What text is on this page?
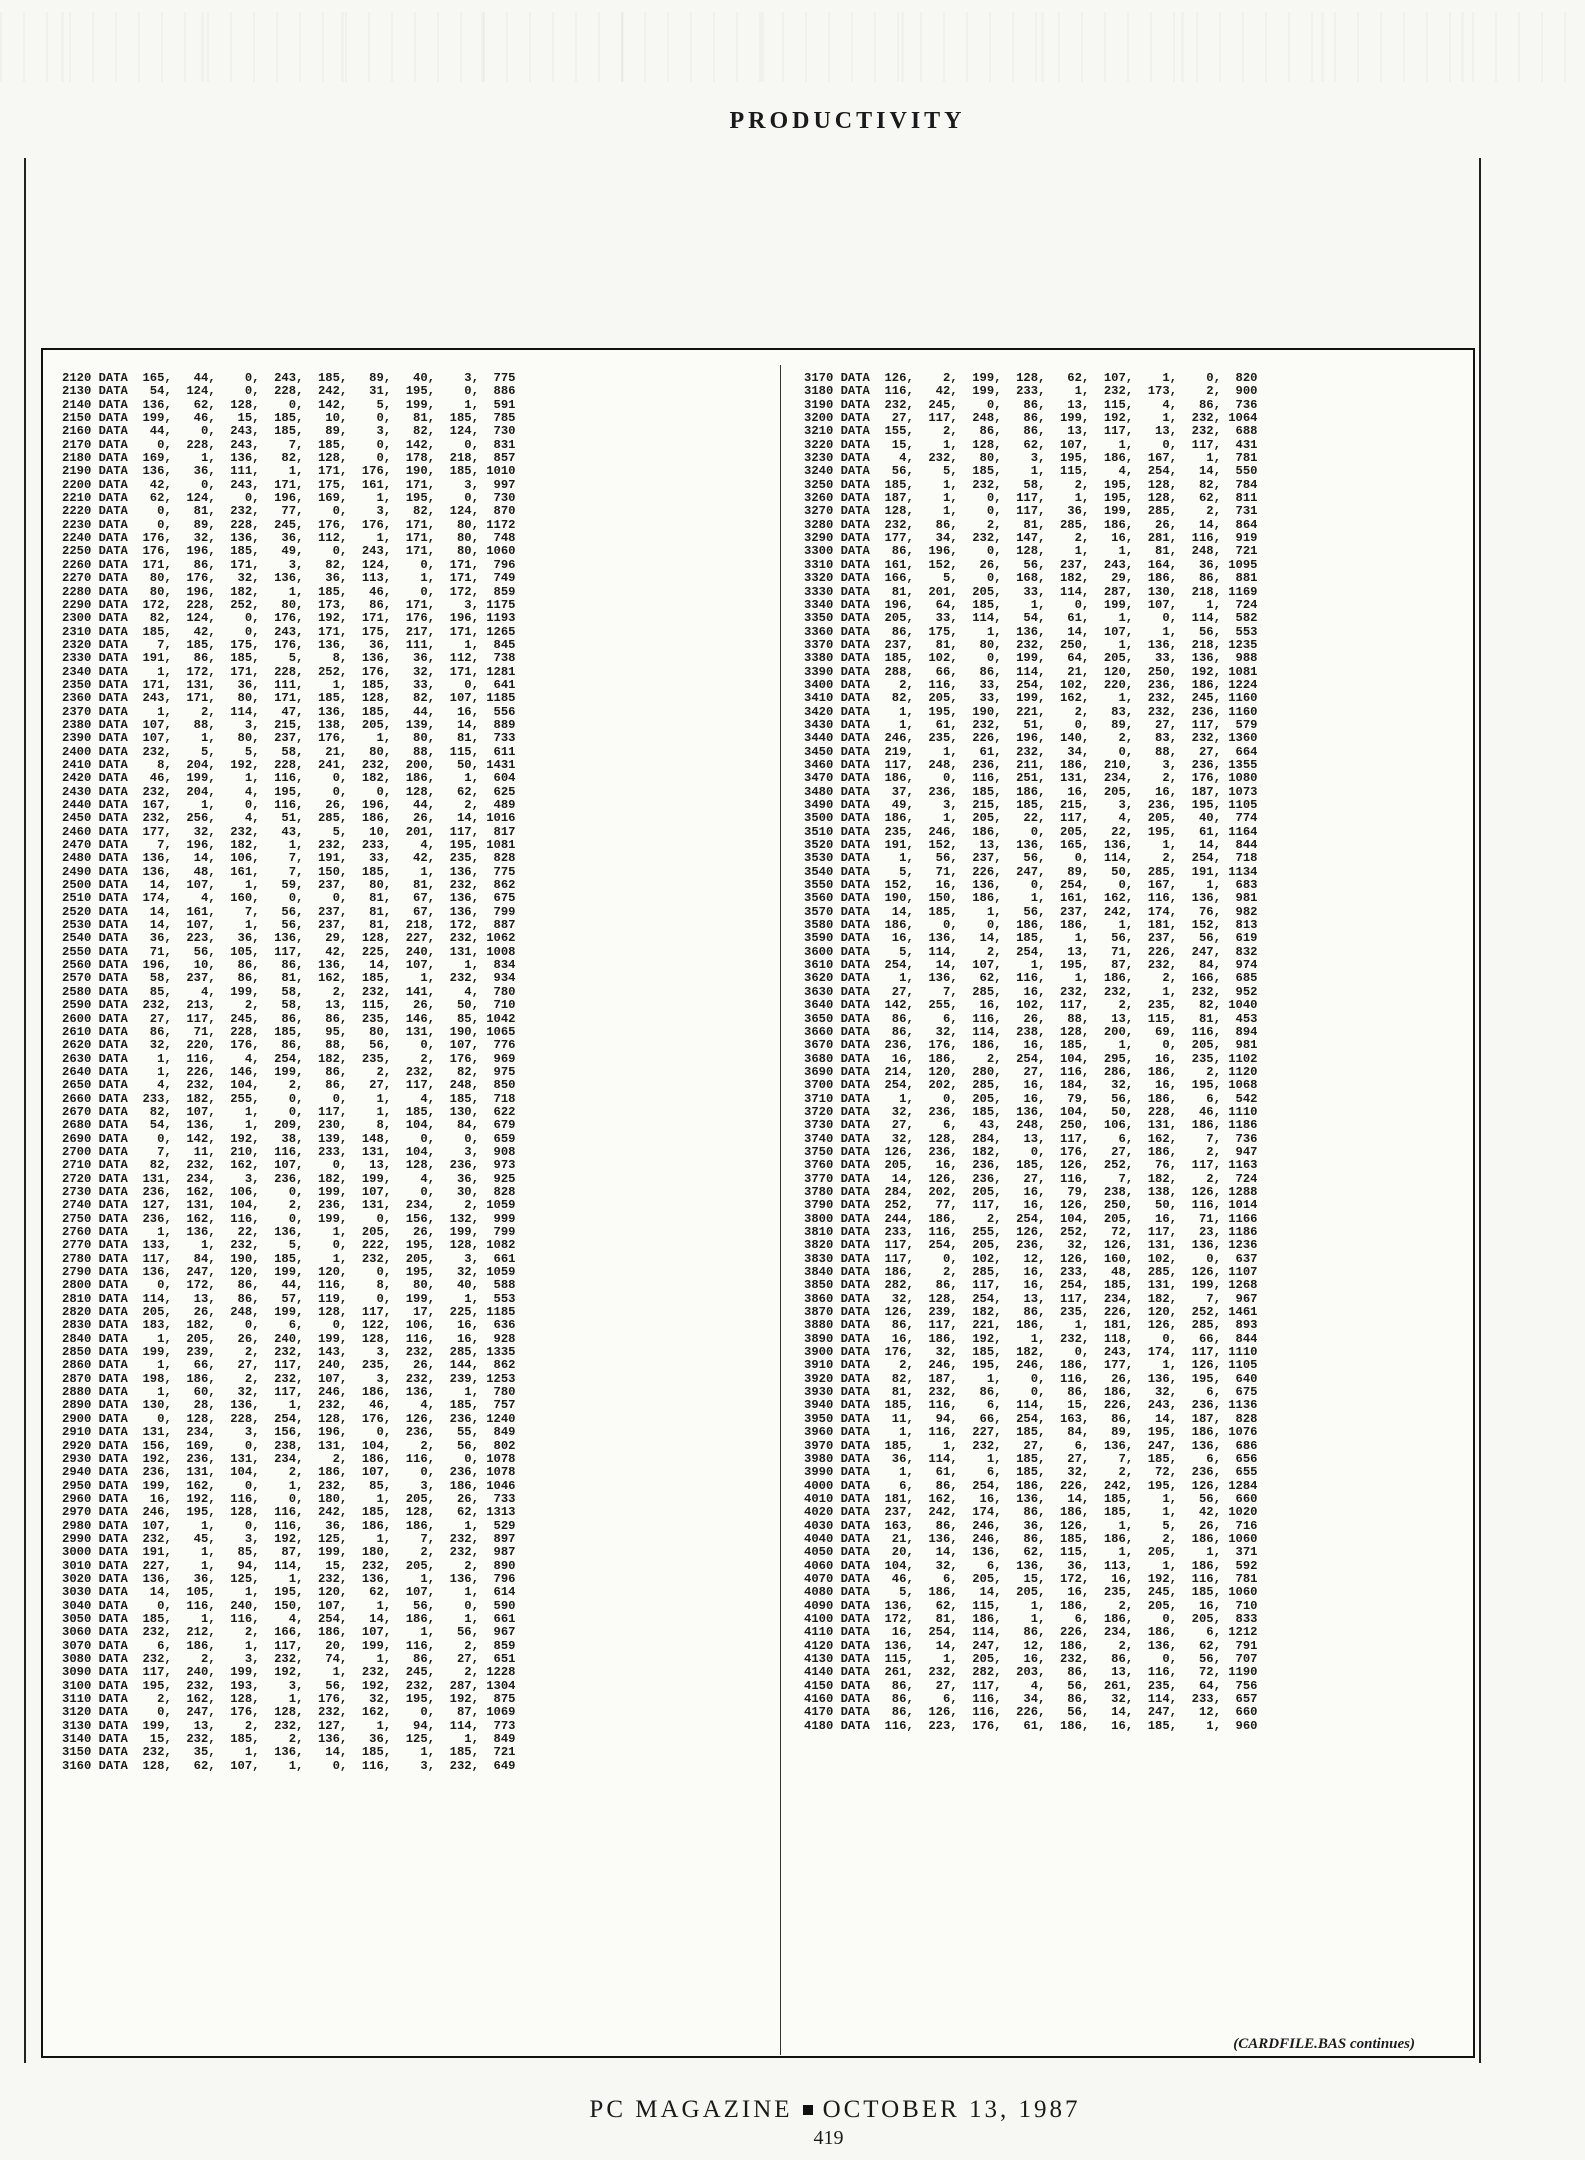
PRODUCTIVITY
2120 DATA  165,   44,    0,  243,  185,   89,   40,    3,  775
2130 DATA   54,  124,    0,  228,  242,   31,  195,    0,  886
2140 DATA  136,   62,  128,    0,  142,    5,  199,    1,  591
2150 DATA  199,   46,   15,  185,   10,    0,   81,  185,  785
2160 DATA   44,    0,  243,  185,   89,    3,   82,  124,  730
2170 DATA    0,  228,  243,    7,  185,    0,  142,    0,  831
2180 DATA  169,    1,  136,   82,  128,    0,  178,  218,  857
2190 DATA  136,   36,  111,    1,  171,  176,  190,  185, 1010
2200 DATA   42,    0,  243,  171,  175,  161,  171,    3,  997
2210 DATA   62,  124,    0,  196,  169,    1,  195,    0,  730
2220 DATA    0,   81,  232,   77,    0,    3,   82,  124,  870
2230 DATA    0,   89,  228,  245,  176,  176,  171,   80, 1172
2240 DATA  176,   32,  136,   36,  112,    1,  171,   80,  748
2250 DATA  176,  196,  185,   49,    0,  243,  171,   80, 1060
2260 DATA  171,   86,  171,    3,   82,  124,    0,  171,  796
2270 DATA   80,  176,   32,  136,   36,  113,    1,  171,  749
2280 DATA   80,  196,  182,    1,  185,   46,    0,  172,  859
2290 DATA  172,  228,  252,   80,  173,   86,  171,    3, 1175
2300 DATA   82,  124,    0,  176,  192,  171,  176,  196, 1193
2310 DATA  185,   42,    0,  243,  171,  175,  217,  171, 1265
2320 DATA    7,  185,  175,  176,  136,   36,  111,    1,  845
2330 DATA  191,   86,  185,    5,    8,  136,   36,  112,  738
2340 DATA    1,  172,  171,  228,  252,  176,   32,  171, 1281
2350 DATA  171,  131,   36,  111,    1,  185,   33,    0,  641
2360 DATA  243,  171,   80,  171,  185,  128,   82,  107, 1185
2370 DATA    1,    2,  114,   47,  136,  185,   44,   16,  556
2380 DATA  107,   88,    3,  215,  138,  205,  139,   14,  889
2390 DATA  107,    1,   80,  237,  176,    1,   80,   81,  733
2400 DATA  232,    5,    5,   58,   21,   80,   88,  115,  611
2410 DATA    8,  204,  192,  228,  241,  232,  200,   50, 1431
2420 DATA   46,  199,    1,  116,    0,  182,  186,    1,  604
2430 DATA  232,  204,    4,  195,    0,    0,  128,   62,  625
2440 DATA  167,    1,    0,  116,   26,  196,   44,    2,  489
2450 DATA  232,  256,    4,   51,  285,  186,   26,   14, 1016
2460 DATA  177,   32,  232,   43,    5,   10,  201,  117,  817
2470 DATA    7,  196,  182,    1,  232,  233,    4,  195, 1081
2480 DATA  136,   14,  106,    7,  191,   33,   42,  235,  828
2490 DATA  136,   48,  161,    7,  150,  185,    1,  136,  775
2500 DATA   14,  107,    1,   59,  237,   80,   81,  232,  862
2510 DATA  174,    4,  160,    0,    0,   81,   67,  136,  675
2520 DATA   14,  161,    7,   56,  237,   81,   67,  136,  799
2530 DATA   14,  107,    1,   56,  237,   81,  218,  172,  887
2540 DATA   36,  223,   36,  136,   29,  128,  227,  232, 1062
2550 DATA   71,   56,  105,  117,   42,  225,  240,  131, 1008
2560 DATA  196,   10,   86,   86,  136,   14,  107,    1,  834
2570 DATA   58,  237,   86,   81,  162,  185,    1,  232,  934
2580 DATA   85,    4,  199,   58,    2,  232,  141,    4,  780
2590 DATA  232,  213,    2,   58,   13,  115,   26,   50,  710
2600 DATA   27,  117,  245,   86,   86,  235,  146,   85, 1042
2610 DATA   86,   71,  228,  185,   95,   80,  131,  190, 1065
2620 DATA   32,  220,  176,   86,   88,   56,    0,  107,  776
2630 DATA    1,  116,    4,  254,  182,  235,    2,  176,  969
2640 DATA    1,  226,  146,  199,   86,    2,  232,   82,  975
2650 DATA    4,  232,  104,    2,   86,   27,  117,  248,  850
2660 DATA  233,  182,  255,    0,    0,    1,    4,  185,  718
2670 DATA   82,  107,    1,    0,  117,    1,  185,  130,  622
2680 DATA   54,  136,    1,  209,  230,    8,  104,   84,  679
2690 DATA    0,  142,  192,   38,  139,  148,    0,    0,  659
2700 DATA    7,   11,  210,  116,  233,  131,  104,    3,  908
2710 DATA   82,  232,  162,  107,    0,   13,  128,  236,  973
2720 DATA  131,  234,    3,  236,  182,  199,    4,   36,  925
2730 DATA  236,  162,  106,    0,  199,  107,    0,   30,  828
2740 DATA  127,  131,  104,    2,  236,  131,  234,    2, 1059
2750 DATA  236,  162,  116,    0,  199,    0,  156,  132,  999
2760 DATA    1,  136,   22,  136,    1,  205,   26,  199,  799
2770 DATA  133,    1,  232,    5,    0,  222,  195,  128, 1082
2780 DATA  117,   84,  190,  185,    1,  232,  205,    3,  661
2790 DATA  136,  247,  120,  199,  120,    0,  195,   32, 1059
2800 DATA    0,  172,   86,   44,  116,    8,   80,   40,  588
2810 DATA  114,   13,   86,   57,  119,    0,  199,    1,  553
2820 DATA  205,   26,  248,  199,  128,  117,   17,  225, 1185
2830 DATA  183,  182,    0,    6,    0,  122,  106,   16,  636
2840 DATA    1,  205,   26,  240,  199,  128,  116,   16,  928
2850 DATA  199,  239,    2,  232,  143,    3,  232,  285, 1335
2860 DATA    1,   66,   27,  117,  240,  235,   26,  144,  862
2870 DATA  198,  186,    2,  232,  107,    3,  232,  239, 1253
2880 DATA    1,   60,   32,  117,  246,  186,  136,    1,  780
2890 DATA  130,   28,  136,    1,  232,   46,    4,  185,  757
2900 DATA    0,  128,  228,  254,  128,  176,  126,  236, 1240
2910 DATA  131,  234,    3,  156,  196,    0,  236,   55,  849
2920 DATA  156,  169,    0,  238,  131,  104,    2,   56,  802
2930 DATA  192,  236,  131,  234,    2,  186,  116,    0, 1078
2940 DATA  236,  131,  104,    2,  186,  107,    0,  236, 1078
2950 DATA  199,  162,    0,    1,  232,   85,    3,  186, 1046
2960 DATA   16,  192,  116,    0,  180,    1,  205,   26,  733
2970 DATA  246,  195,  128,  116,  242,  185,  128,   62, 1313
2980 DATA  107,    1,    0,  116,   36,  186,  186,    1,  529
2990 DATA  232,   45,    3,  192,  125,    1,    7,  232,  897
3000 DATA  191,    1,   85,   87,  199,  180,    2,  232,  987
3010 DATA  227,    1,   94,  114,   15,  232,  205,    2,  890
3020 DATA  136,   36,  125,    1,  232,  136,    1,  136,  796
3030 DATA   14,  105,    1,  195,  120,   62,  107,    1,  614
3040 DATA    0,  116,  240,  150,  107,    1,   56,    0,  590
3050 DATA  185,    1,  116,    4,  254,   14,  186,    1,  661
3060 DATA  232,  212,    2,  166,  186,  107,    1,   56,  967
3070 DATA    6,  186,    1,  117,   20,  199,  116,    2,  859
3080 DATA  232,    2,    3,  232,   74,    1,   86,   27,  651
3090 DATA  117,  240,  199,  192,    1,  232,  245,    2, 1228
3100 DATA  195,  232,  193,    3,   56,  192,  232,  287, 1304
3110 DATA    2,  162,  128,    1,  176,   32,  195,  192,  875
3120 DATA    0,  247,  176,  128,  232,  162,    0,   87, 1069
3130 DATA  199,   13,    2,  232,  127,    1,   94,  114,  773
3140 DATA   15,  232,  185,    2,  136,   36,  125,    1,  849
3150 DATA  232,   35,    1,  136,   14,  185,    1,  185,  721
3160 DATA  128,   62,  107,    1,    0,  116,    3,  232,  649
3170 DATA  126,    2,  199,  128,   62,  107,    1,    0,  820
3180 DATA  116,   42,  199,  233,    1,  232,  173,    2,  900
3190 DATA  232,  245,    0,   86,   13,  115,    4,   86,  736
3200 DATA   27,  117,  248,   86,  199,  192,    1,  232, 1064
3210 DATA  155,    2,   86,   86,   13,  117,   13,  232,  688
3220 DATA   15,    1,  128,   62,  107,    1,    0,  117,  431
3230 DATA    4,  232,   80,    3,  195,  186,  167,    1,  781
3240 DATA   56,    5,  185,    1,  115,    4,  254,   14,  550
3250 DATA  185,    1,  232,   58,    2,  195,  128,   82,  784
3260 DATA  187,    1,    0,  117,    1,  195,  128,   62,  811
3270 DATA  128,    1,    0,  117,   36,  199,  285,    2,  731
3280 DATA  232,   86,    2,   81,  285,  186,   26,   14,  864
3290 DATA  177,   34,  232,  147,    2,   16,  281,  116,  919
3300 DATA   86,  196,    0,  128,    1,    1,   81,  248,  721
3310 DATA  161,  152,   26,   56,  237,  243,  164,   36, 1095
3320 DATA  166,    5,    0,  168,  182,   29,  186,   86,  881
3330 DATA   81,  201,  205,   33,  114,  287,  130,  218, 1169
3340 DATA  196,   64,  185,    1,    0,  199,  107,    1,  724
3350 DATA  205,   33,  114,   54,   61,    1,    0,  114,  582
3360 DATA   86,  175,    1,  136,   14,  107,    1,   56,  553
3370 DATA  237,   81,   80,  232,  250,    1,  136,  218, 1235
3380 DATA  185,  102,    0,  199,   64,  205,   33,  136,  988
3390 DATA  288,   66,   86,  114,   21,  120,  250,  192, 1081
3400 DATA    2,  116,   33,  254,  102,  220,  236,  186, 1224
3410 DATA   82,  205,   33,  199,  162,    1,  232,  245, 1160
3420 DATA    1,  195,  190,  221,    2,   83,  232,  236, 1160
3430 DATA    1,   61,  232,   51,    0,   89,   27,  117,  579
3440 DATA  246,  235,  226,  196,  140,    2,   83,  232, 1360
3450 DATA  219,    1,   61,  232,   34,    0,   88,   27,  664
3460 DATA  117,  248,  236,  211,  186,  210,    3,  236, 1355
3470 DATA  186,    0,  116,  251,  131,  234,    2,  176, 1080
3480 DATA   37,  236,  185,  186,   16,  205,   16,  187, 1073
3490 DATA   49,    3,  215,  185,  215,    3,  236,  195, 1105
3500 DATA  186,    1,  205,   22,  117,    4,  205,   40,  774
3510 DATA  235,  246,  186,    0,  205,   22,  195,   61, 1164
3520 DATA  191,  152,   13,  136,  165,  136,    1,   14,  844
3530 DATA    1,   56,  237,   56,    0,  114,    2,  254,  718
3540 DATA    5,   71,  226,  247,   89,   50,  285,  191, 1134
3550 DATA  152,   16,  136,    0,  254,    0,  167,    1,  683
3560 DATA  190,  150,  186,    1,  161,  162,  116,  136,  981
3570 DATA   14,  185,    1,   56,  237,  242,  174,   76,  982
3580 DATA  186,    0,    0,  186,  186,    1,  181,  152,  813
3590 DATA   16,  136,   14,  185,    1,   56,  237,   56,  619
3600 DATA    5,  114,    2,  254,   13,   71,  226,  247,  832
3610 DATA  254,   14,  107,    1,  195,   87,  232,   84,  974
3620 DATA    1,  136,   62,  116,    1,  186,    2,  166,  685
3630 DATA   27,    7,  285,   16,  232,  232,    1,  232,  952
3640 DATA  142,  255,   16,  102,  117,    2,  235,   82, 1040
3650 DATA   86,    6,  116,   26,   88,   13,  115,   81,  453
3660 DATA   86,   32,  114,  238,  128,  200,   69,  116,  894
3670 DATA  236,  176,  186,   16,  185,    1,    0,  205,  981
3680 DATA   16,  186,    2,  254,  104,  295,   16,  235, 1102
3690 DATA  214,  120,  280,   27,  116,  286,  186,    2, 1120
3700 DATA  254,  202,  285,   16,  184,   32,   16,  195, 1068
3710 DATA    1,    0,  205,   16,   79,   56,  186,    6,  542
3720 DATA   32,  236,  185,  136,  104,   50,  228,   46, 1110
3730 DATA   27,    6,   43,  248,  250,  106,  131,  186, 1186
3740 DATA   32,  128,  284,   13,  117,    6,  162,    7,  736
3750 DATA  126,  236,  182,    0,  176,   27,  186,    2,  947
3760 DATA  205,   16,  236,  185,  126,  252,   76,  117, 1163
3770 DATA   14,  126,  236,   27,  116,    7,  182,    2,  724
3780 DATA  284,  202,  205,   16,   79,  238,  138,  126, 1288
3790 DATA  252,   77,  117,   16,  126,  250,   50,  116, 1014
3800 DATA  244,  186,    2,  254,  104,  205,   16,   71, 1166
3810 DATA  233,  116,  255,  126,  252,   72,  117,   23, 1186
3820 DATA  117,  254,  205,  236,   32,  126,  131,  136, 1236
3830 DATA  117,    0,  102,   12,  126,  160,  102,    0,  637
3840 DATA  186,    2,  285,   16,  233,   48,  285,  126, 1107
3850 DATA  282,   86,  117,   16,  254,  185,  131,  199, 1268
3860 DATA   32,  128,  254,   13,  117,  234,  182,    7,  967
3870 DATA  126,  239,  182,   86,  235,  226,  120,  252, 1461
3880 DATA   86,  117,  221,  186,    1,  181,  126,  285,  893
3890 DATA   16,  186,  192,    1,  232,  118,    0,   66,  844
3900 DATA  176,   32,  185,  182,    0,  243,  174,  117, 1110
3910 DATA    2,  246,  195,  246,  186,  177,    1,  126, 1105
3920 DATA   82,  187,    1,    0,  116,   26,  136,  195,  640
3930 DATA   81,  232,   86,    0,   86,  186,   32,    6,  675
3940 DATA  185,  116,    6,  114,   15,  226,  243,  236, 1136
3950 DATA   11,   94,   66,  254,  163,   86,   14,  187,  828
3960 DATA    1,  116,  227,  185,   84,   89,  195,  186, 1076
3970 DATA  185,    1,  232,   27,    6,  136,  247,  136,  686
3980 DATA   36,  114,    1,  185,   27,    7,  185,    6,  656
3990 DATA    1,   61,    6,  185,   32,    2,   72,  236,  655
4000 DATA    6,   86,  254,  186,  226,  242,  195,  126, 1284
4010 DATA  181,  162,   16,  136,   14,  185,    1,   56,  660
4020 DATA  237,  242,  174,   86,  186,  185,    1,   42, 1020
4030 DATA  163,   86,  246,   36,  126,    1,    5,   26,  716
4040 DATA   21,  136,  246,   86,  185,  186,    2,  186, 1060
4050 DATA   20,   14,  136,   62,  115,    1,  205,    1,  371
4060 DATA  104,   32,    6,  136,   36,  113,    1,  186,  592
4070 DATA   46,    6,  205,   15,  172,   16,  192,  116,  781
4080 DATA    5,  186,   14,  205,   16,  235,  245,  185, 1060
4090 DATA  136,   62,  115,    1,  186,    2,  205,   16,  710
4100 DATA  172,   81,  186,    1,    6,  186,    0,  205,  833
4110 DATA   16,  254,  114,   86,  226,  234,  186,    6, 1212
4120 DATA  136,   14,  247,   12,  186,    2,  136,   62,  791
4130 DATA  115,    1,  205,   16,  232,   86,    0,   56,  707
4140 DATA  261,  232,  282,  203,   86,   13,  116,   72, 1190
4150 DATA   86,   27,  117,    4,   56,  261,  235,   64,  756
4160 DATA   86,    6,  116,   34,   86,   32,  114,  233,  657
4170 DATA   86,  126,  116,  226,   56,   14,  247,   12,  660
4180 DATA  116,  223,  176,   61,  186,   16,  185,    1,  960
(CARDFILE.BAS continues)
PC MAGAZINE OCTOBER 13, 1987
419
